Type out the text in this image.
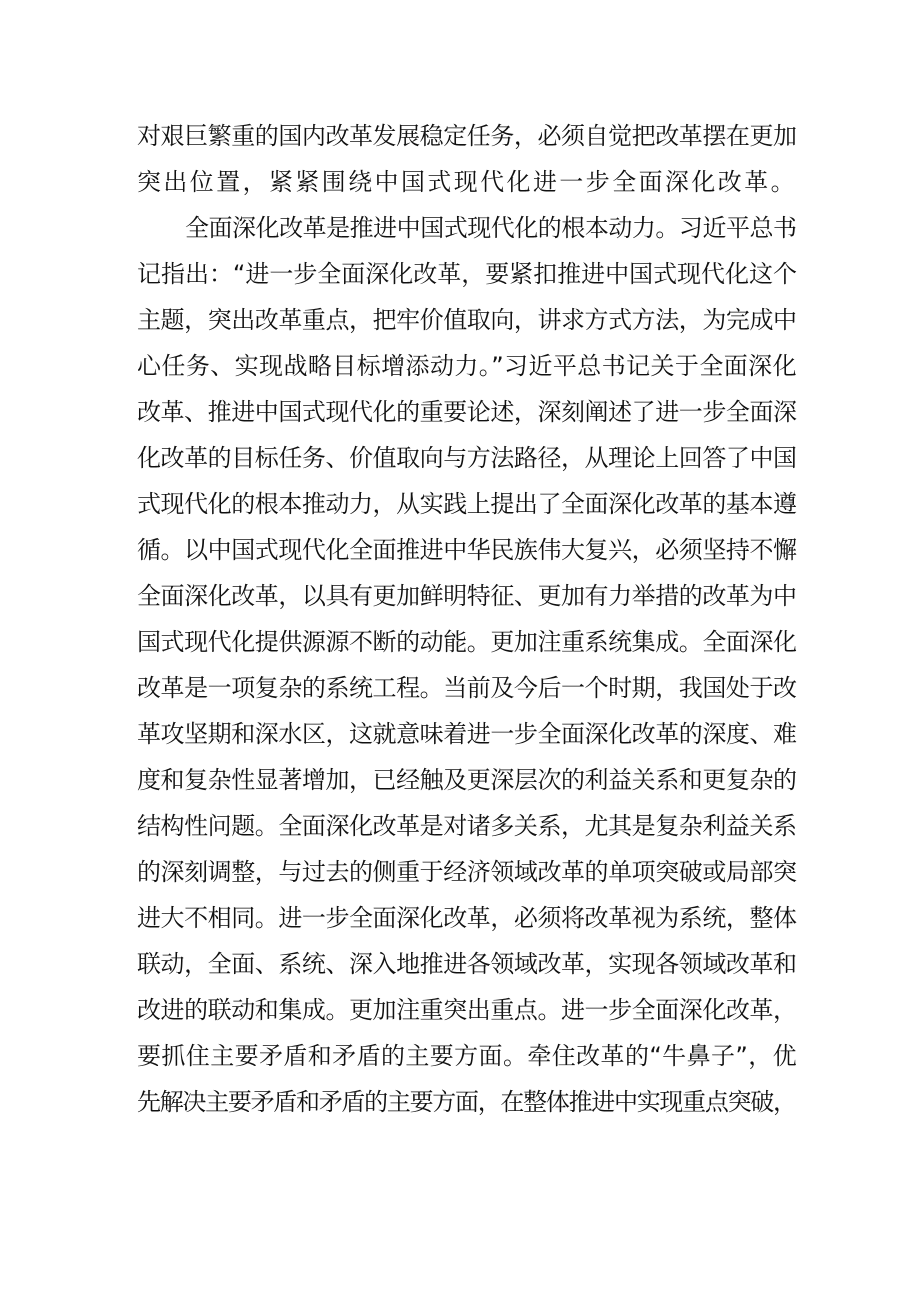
对艰巨繁重的国内改革发展稳定任务，必须自觉把改革摆在更加
突出位置，紧紧围绕中国式现代化进一步全面深化改革。
全面深化改革是推进中国式现代化的根本动力。习近平总书
记指出：“进一步全面深化改革，要紧扣推进中国式现代化这个
主题，突出改革重点，把牢价值取向，讲求方式方法，为完成中
心任务、实现战略目标增添动力。”习近平总书记关于全面深化
改革、推进中国式现代化的重要论述，深刻阐述了进一步全面深
化改革的目标任务、价值取向与方法路径，从理论上回答了中国
式现代化的根本推动力，从实践上提出了全面深化改革的基本遵
循。以中国式现代化全面推进中华民族伟大复兴，必须坚持不懈
全面深化改革，以具有更加鲜明特征、更加有力举措的改革为中
国式现代化提供源源不断的动能。更加注重系统集成。全面深化
改革是一项复杂的系统工程。当前及今后一个时期，我国处于改
革攻坚期和深水区，这就意味着进一步全面深化改革的深度、难
度和复杂性显著增加，已经触及更深层次的利益关系和更复杂的
结构性问题。全面深化改革是对诸多关系，尤其是复杂利益关系
的深刻调整，与过去的侧重于经济领域改革的单项突破或局部突
进大不相同。进一步全面深化改革，必须将改革视为系统，整体
联动，全面、系统、深入地推进各领域改革，实现各领域改革和
改进的联动和集成。更加注重突出重点。进一步全面深化改革，
要抓住主要矛盾和矛盾的主要方面。牵住改革的“牛鼻子”，优
先解决主要矛盾和矛盾的主要方面，在整体推进中实现重点突破，
